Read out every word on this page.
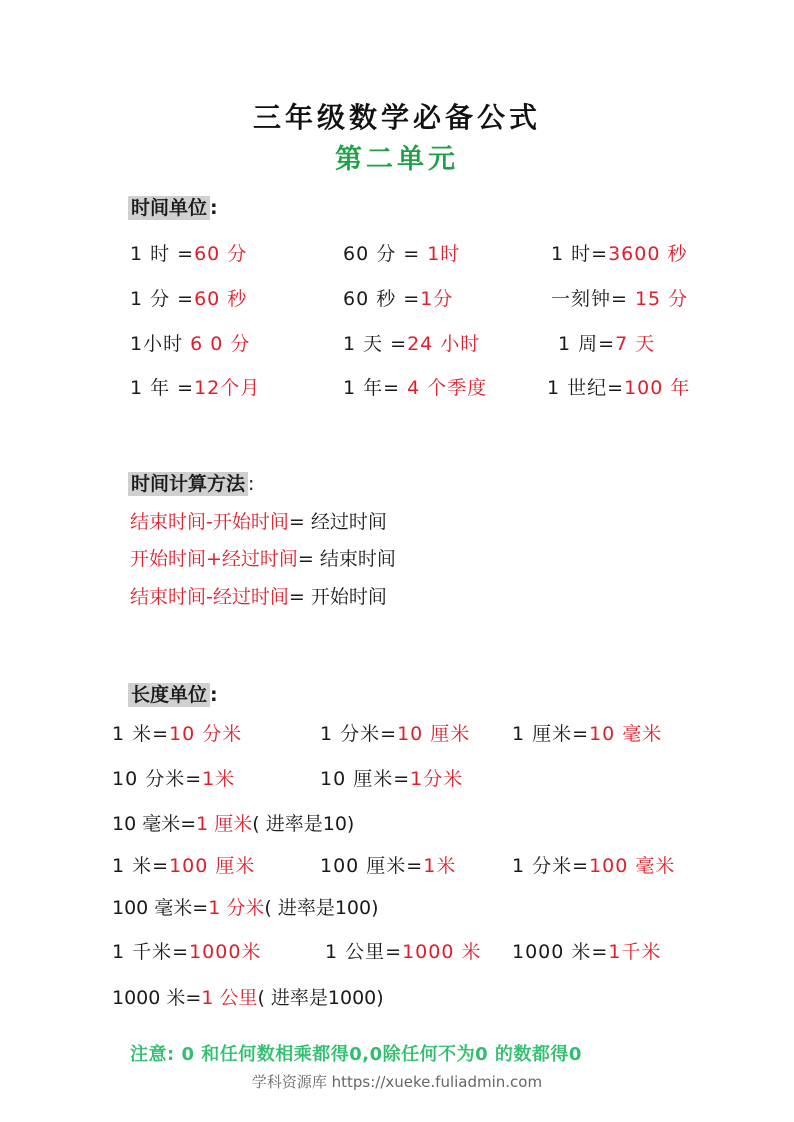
三年级数学必备公式
第二单元
时间单位 :
1 时 =60 分	60 分 = 1时	1 时=3600 秒
1 分 =60 秒	60 秒 =1分	一刻钟= 15 分
1小时 6 0 分	1 天 =24 小时	1 周=7 天
1 年 =12个月	1 年= 4 个季度	1 世纪=100 年
时间计算方法 :
结束时间-开始时间= 经过时间
开始时间+经过时间= 结束时间
结束时间-经过时间= 开始时间
长度单位 :
1 米=10 分米	1 分米=10 厘米 1 厘米=10 毫米
10 分米=1米	10 厘米=1分米
10 毫米=1 厘米( 进率是10)
1 米=100 厘米	100 厘米=1米	1 分米=100 毫米
100 毫米=1 分米( 进率是100)
1 千米=1000米	1 公里=1000 米 1000 米=1千米
1000 米=1 公里( 进率是1000)
注意: 0 和任何数相乘都得0,0除任何不为0 的数都得0
学科资源库 https://xueke.fuliadmin.com
